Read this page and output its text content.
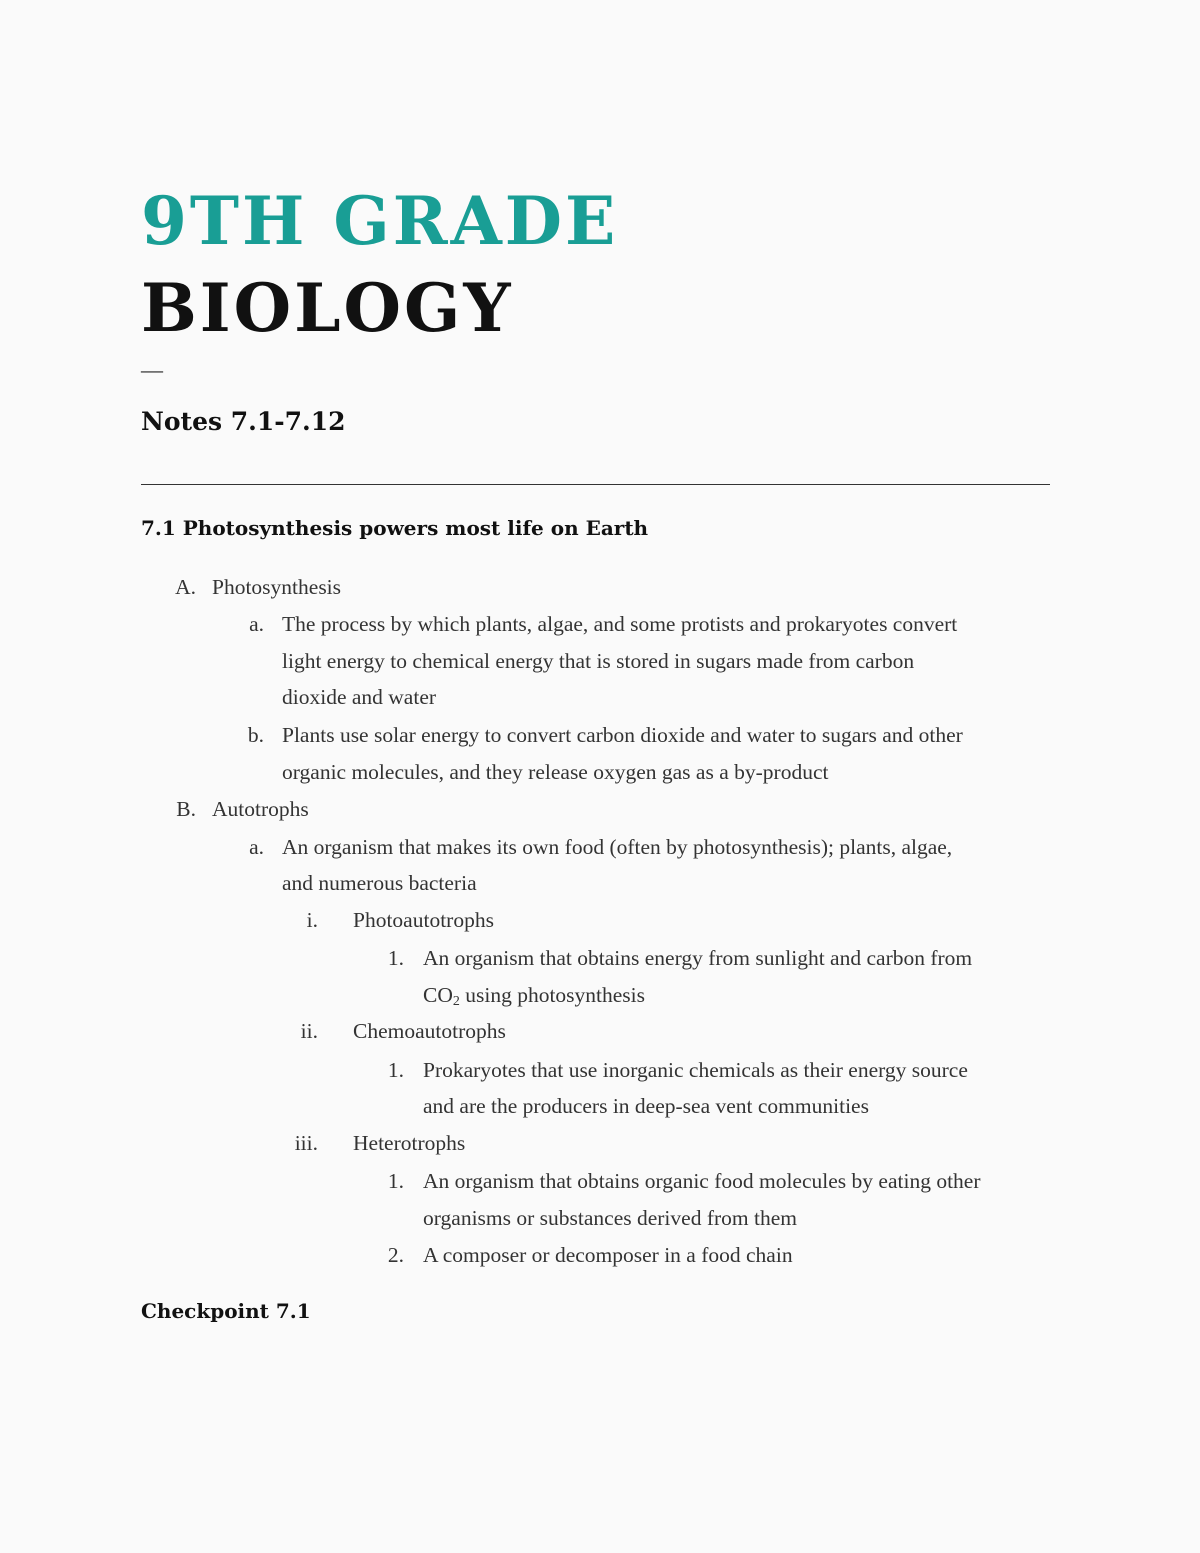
9TH GRADE
BIOLOGY
—
Notes 7.1-7.12
7.1 Photosynthesis powers most life on Earth
A. Photosynthesis
a. The process by which plants, algae, and some protists and prokaryotes convert
light energy to chemical energy that is stored in sugars made from carbon
dioxide and water
b. Plants use solar energy to convert carbon dioxide and water to sugars and other
organic molecules, and they release oxygen gas as a by-product
B. Autotrophs
a. An organism that makes its own food (often by photosynthesis); plants, algae,
and numerous bacteria
i. Photoautotrophs
1. An organism that obtains energy from sunlight and carbon from
$CO_2$ using photosynthesis
ii. Chemoautotrophs
1. Prokaryotes that use inorganic chemicals as their energy source
and are the producers in deep-sea vent communities
iii. Heterotrophs
1. An organism that obtains organic food molecules by eating other
organisms or substances derived from them
2. A composer or decomposer in a food chain
Checkpoint 7.1
